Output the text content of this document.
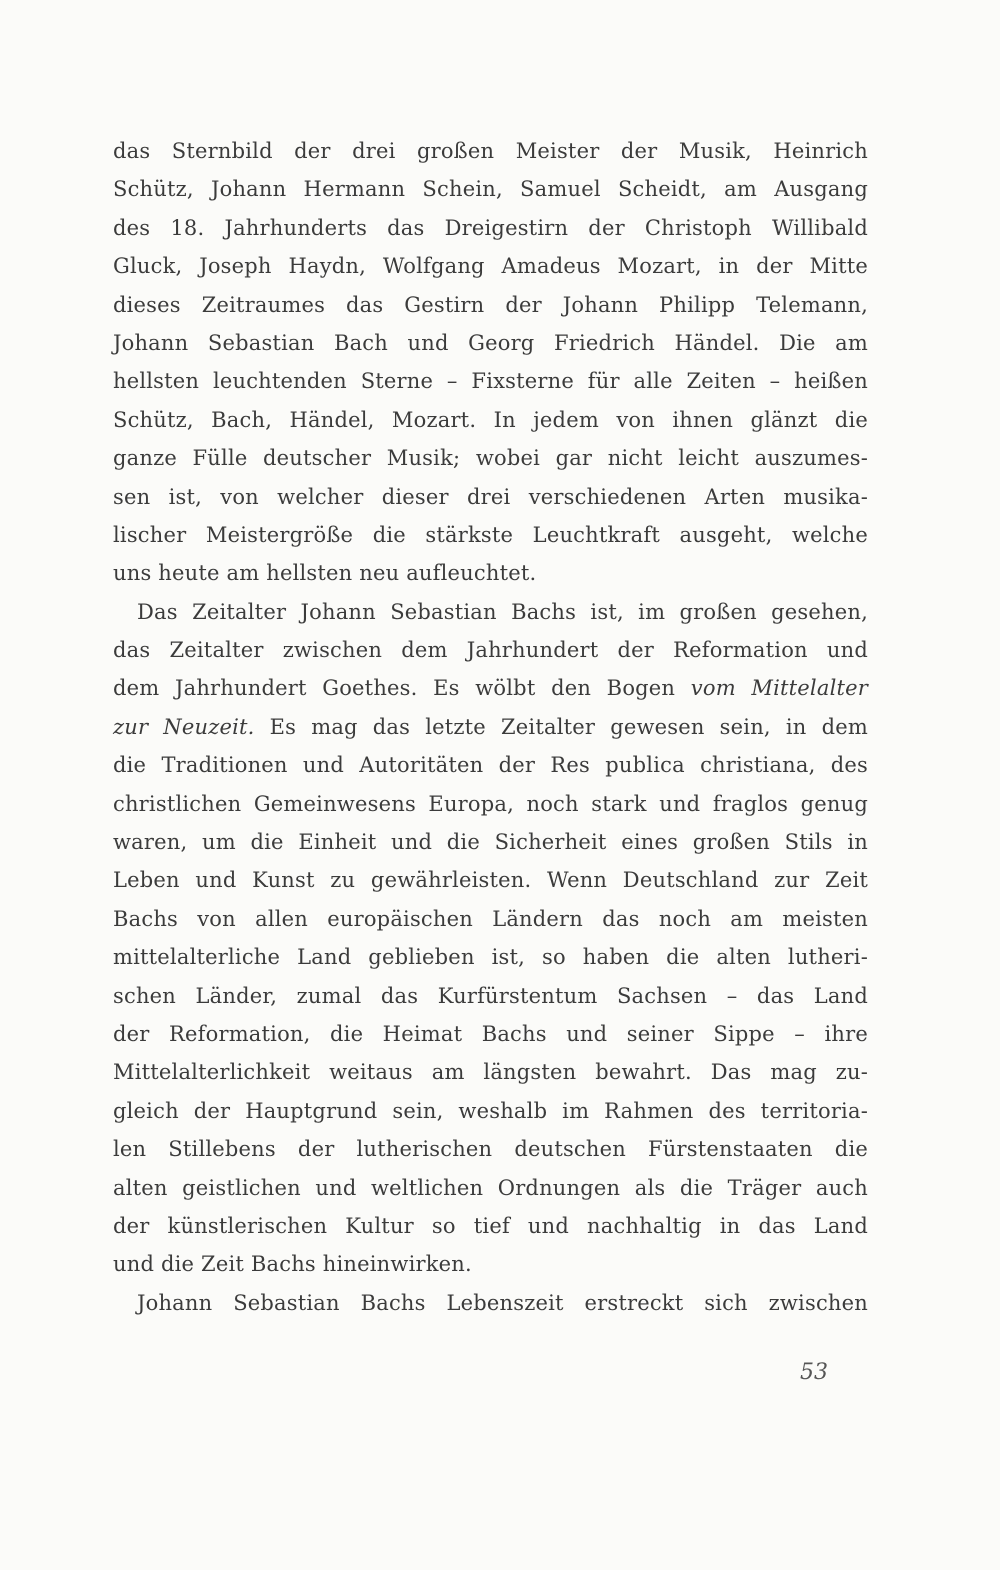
das Sternbild der drei großen Meister der Musik, Heinrich
Schütz, Johann Hermann Schein, Samuel Scheidt, am Ausgang
des 18. Jahrhunderts das Dreigestirn der Christoph Willibald
Gluck, Joseph Haydn, Wolfgang Amadeus Mozart, in der Mitte
dieses Zeitraumes das Gestirn der Johann Philipp Telemann,
Johann Sebastian Bach und Georg Friedrich Händel. Die am
hellsten leuchtenden Sterne – Fixsterne für alle Zeiten – heißen
Schütz, Bach, Händel, Mozart. In jedem von ihnen glänzt die
ganze Fülle deutscher Musik; wobei gar nicht leicht auszumes-
sen ist, von welcher dieser drei verschiedenen Arten musika-
lischer Meistergröße die stärkste Leuchtkraft ausgeht, welche
uns heute am hellsten neu aufleuchtet.
Das Zeitalter Johann Sebastian Bachs ist, im großen gesehen,
das Zeitalter zwischen dem Jahrhundert der Reformation und
dem Jahrhundert Goethes. Es wölbt den Bogen vom Mittelalter
zur Neuzeit. Es mag das letzte Zeitalter gewesen sein, in dem
die Traditionen und Autoritäten der Res publica christiana, des
christlichen Gemeinwesens Europa, noch stark und fraglos genug
waren, um die Einheit und die Sicherheit eines großen Stils in
Leben und Kunst zu gewährleisten. Wenn Deutschland zur Zeit
Bachs von allen europäischen Ländern das noch am meisten
mittelalterliche Land geblieben ist, so haben die alten lutheri-
schen Länder, zumal das Kurfürstentum Sachsen – das Land
der Reformation, die Heimat Bachs und seiner Sippe – ihre
Mittelalterlichkeit weitaus am längsten bewahrt. Das mag zu-
gleich der Hauptgrund sein, weshalb im Rahmen des territoria-
len Stillebens der lutherischen deutschen Fürstenstaaten die
alten geistlichen und weltlichen Ordnungen als die Träger auch
der künstlerischen Kultur so tief und nachhaltig in das Land
und die Zeit Bachs hineinwirken.
Johann Sebastian Bachs Lebenszeit erstreckt sich zwischen
53
